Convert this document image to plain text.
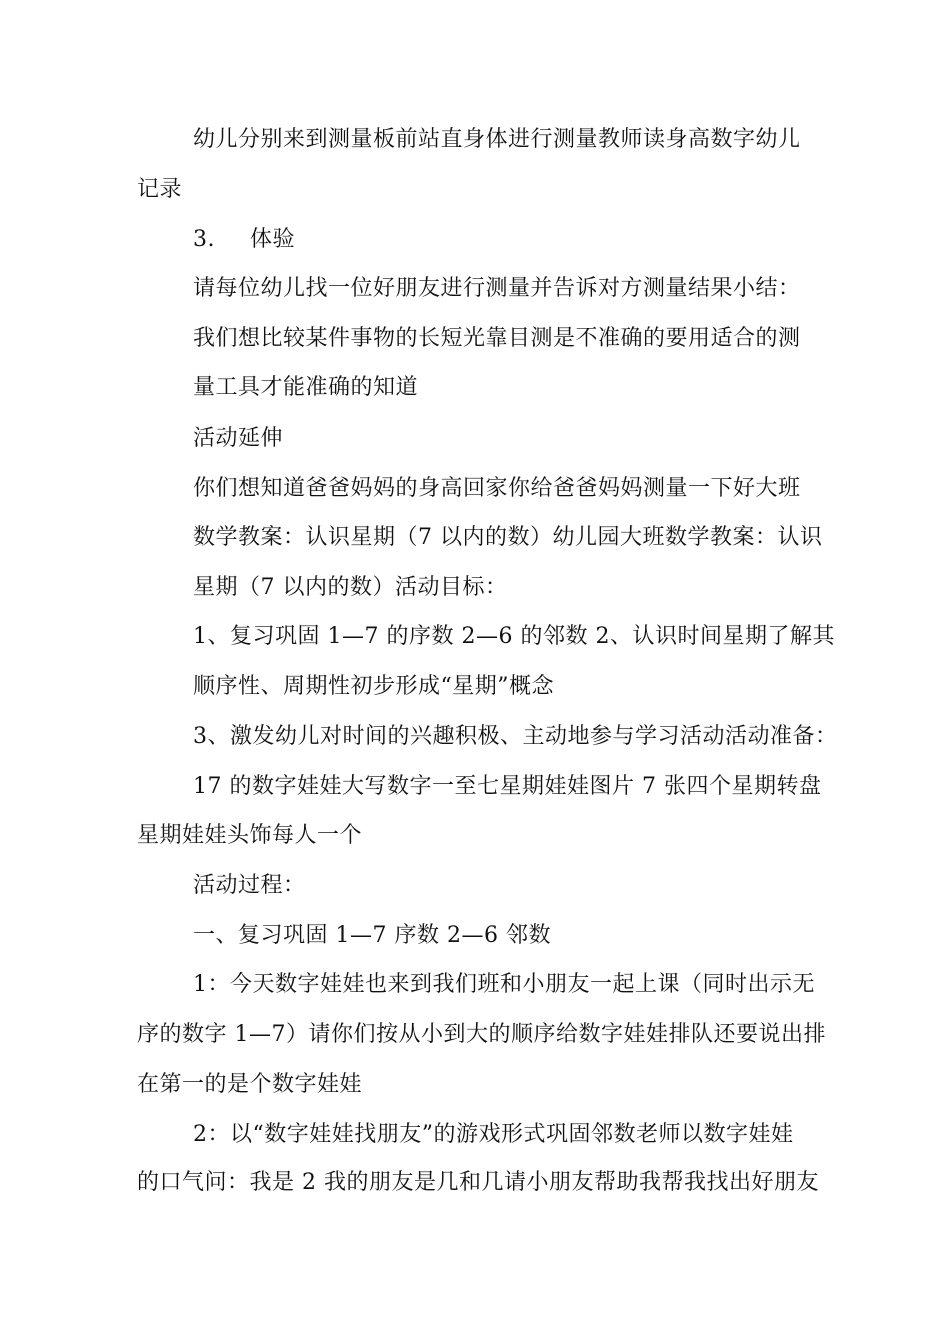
幼儿分别来到测量板前站直身体进行测量教师读身高数字幼儿
记录
3. 体验
请每位幼儿找一位好朋友进行测量并告诉对方测量结果小结：
我们想比较某件事物的长短光靠目测是不准确的要用适合的测
量工具才能准确的知道
活动延伸
你们想知道爸爸妈妈的身高回家你给爸爸妈妈测量一下好大班
数学教案：认识星期（7 以内的数）幼儿园大班数学教案：认识
星期（7 以内的数）活动目标：
1、复习巩固 1—7 的序数 2—6 的邻数 2、认识时间星期了解其
顺序性、周期性初步形成“星期”概念
3、激发幼儿对时间的兴趣积极、主动地参与学习活动活动准备：
17 的数字娃娃大写数字一至七星期娃娃图片 7 张四个星期转盘
星期娃娃头饰每人一个
活动过程：
一、复习巩固 1—7 序数 2—6 邻数
1：今天数字娃娃也来到我们班和小朋友一起上课（同时出示无
序的数字 1—7）请你们按从小到大的顺序给数字娃娃排队还要说出排
在第一的是个数字娃娃
2：以“数字娃娃找朋友”的游戏形式巩固邻数老师以数字娃娃
的口气问：我是 2 我的朋友是几和几请小朋友帮助我帮我找出好朋友
